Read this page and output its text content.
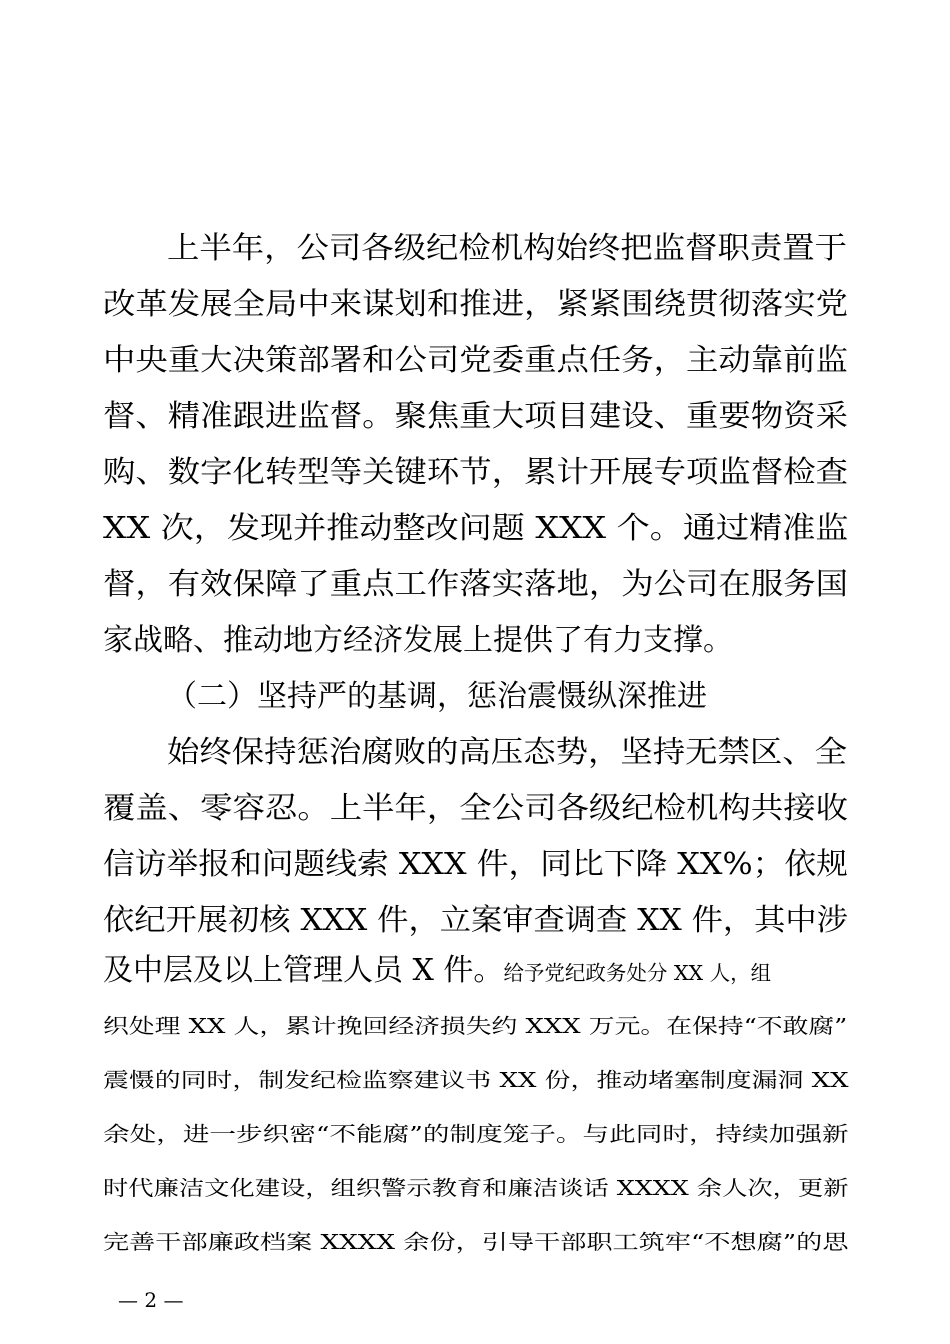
上半年，公司各级纪检机构始终把监督职责置于
改革发展全局中来谋划和推进，紧紧围绕贯彻落实党
中央重大决策部署和公司党委重点任务，主动靠前监
督、精准跟进监督。聚焦重大项目建设、重要物资采
购、数字化转型等关键环节，累计开展专项监督检查
XX 次，发现并推动整改问题 XXX 个。通过精准监
督，有效保障了重点工作落实落地，为公司在服务国
家战略、推动地方经济发展上提供了有力支撑。
（二）坚持严的基调，惩治震慑纵深推进
始终保持惩治腐败的高压态势，坚持无禁区、全
覆盖、零容忍。上半年，全公司各级纪检机构共接收
信访举报和问题线索 XXX 件，同比下降 XX%；依规
依纪开展初核 XXX 件，立案审查调查 XX 件，其中涉
及中层及以上管理人员 X 件。给予党纪政务处分 XX 人，组
织处理 XX 人，累计挽回经济损失约 XXX 万元。在保持“不敢腐”
震慑的同时，制发纪检监察建议书 XX 份，推动堵塞制度漏洞 XX
余处，进一步织密“不能腐”的制度笼子。与此同时，持续加强新
时代廉洁文化建设，组织警示教育和廉洁谈话 XXXX 余人次，更新
完善干部廉政档案 XXXX 余份，引导干部职工筑牢“不想腐”的思
— 2 —
